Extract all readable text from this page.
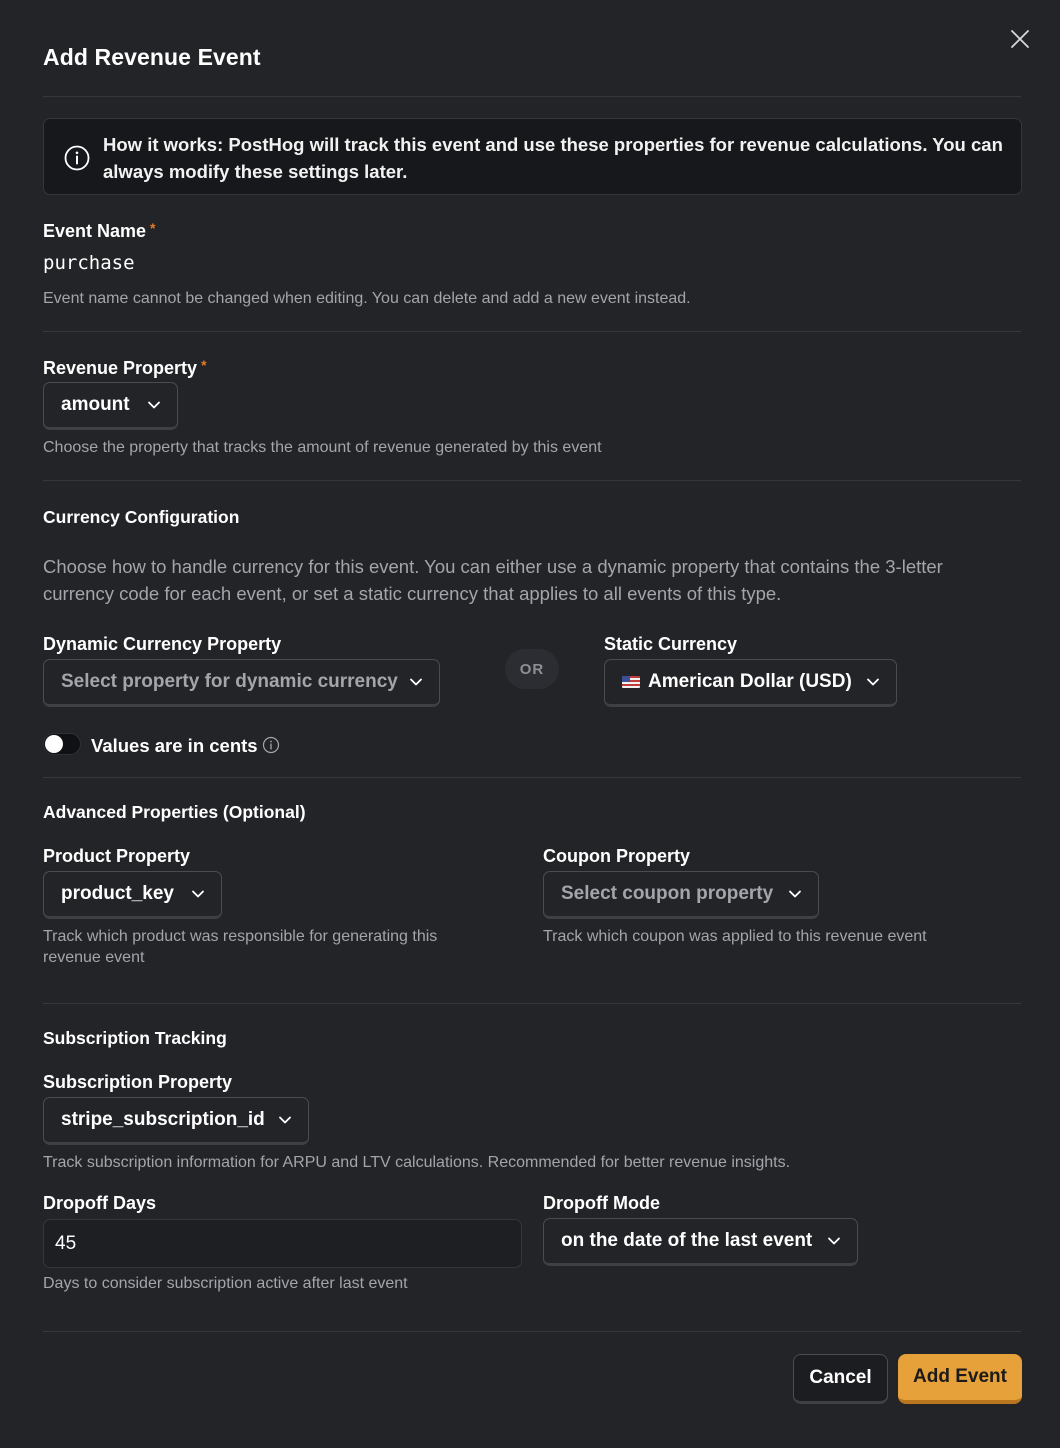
Add Revenue Event
How it works: PostHog will track this event and use these properties for revenue calculations. You can always modify these settings later.
Event Name *
purchase
Event name cannot be changed when editing. You can delete and add a new event instead.
Revenue Property *
amount
Choose the property that tracks the amount of revenue generated by this event
Currency Configuration
Choose how to handle currency for this event. You can either use a dynamic property that contains the 3-letter currency code for each event, or set a static currency that applies to all events of this type.
Dynamic Currency Property
Select property for dynamic currency
OR
Static Currency
American Dollar (USD)
Values are in cents
Advanced Properties (Optional)
Product Property
product_key
Track which product was responsible for generating this revenue event
Coupon Property
Select coupon property
Track which coupon was applied to this revenue event
Subscription Tracking
Subscription Property
stripe_subscription_id
Track subscription information for ARPU and LTV calculations. Recommended for better revenue insights.
Dropoff Days
45
Days to consider subscription active after last event
Dropoff Mode
on the date of the last event
Cancel	Add Event
